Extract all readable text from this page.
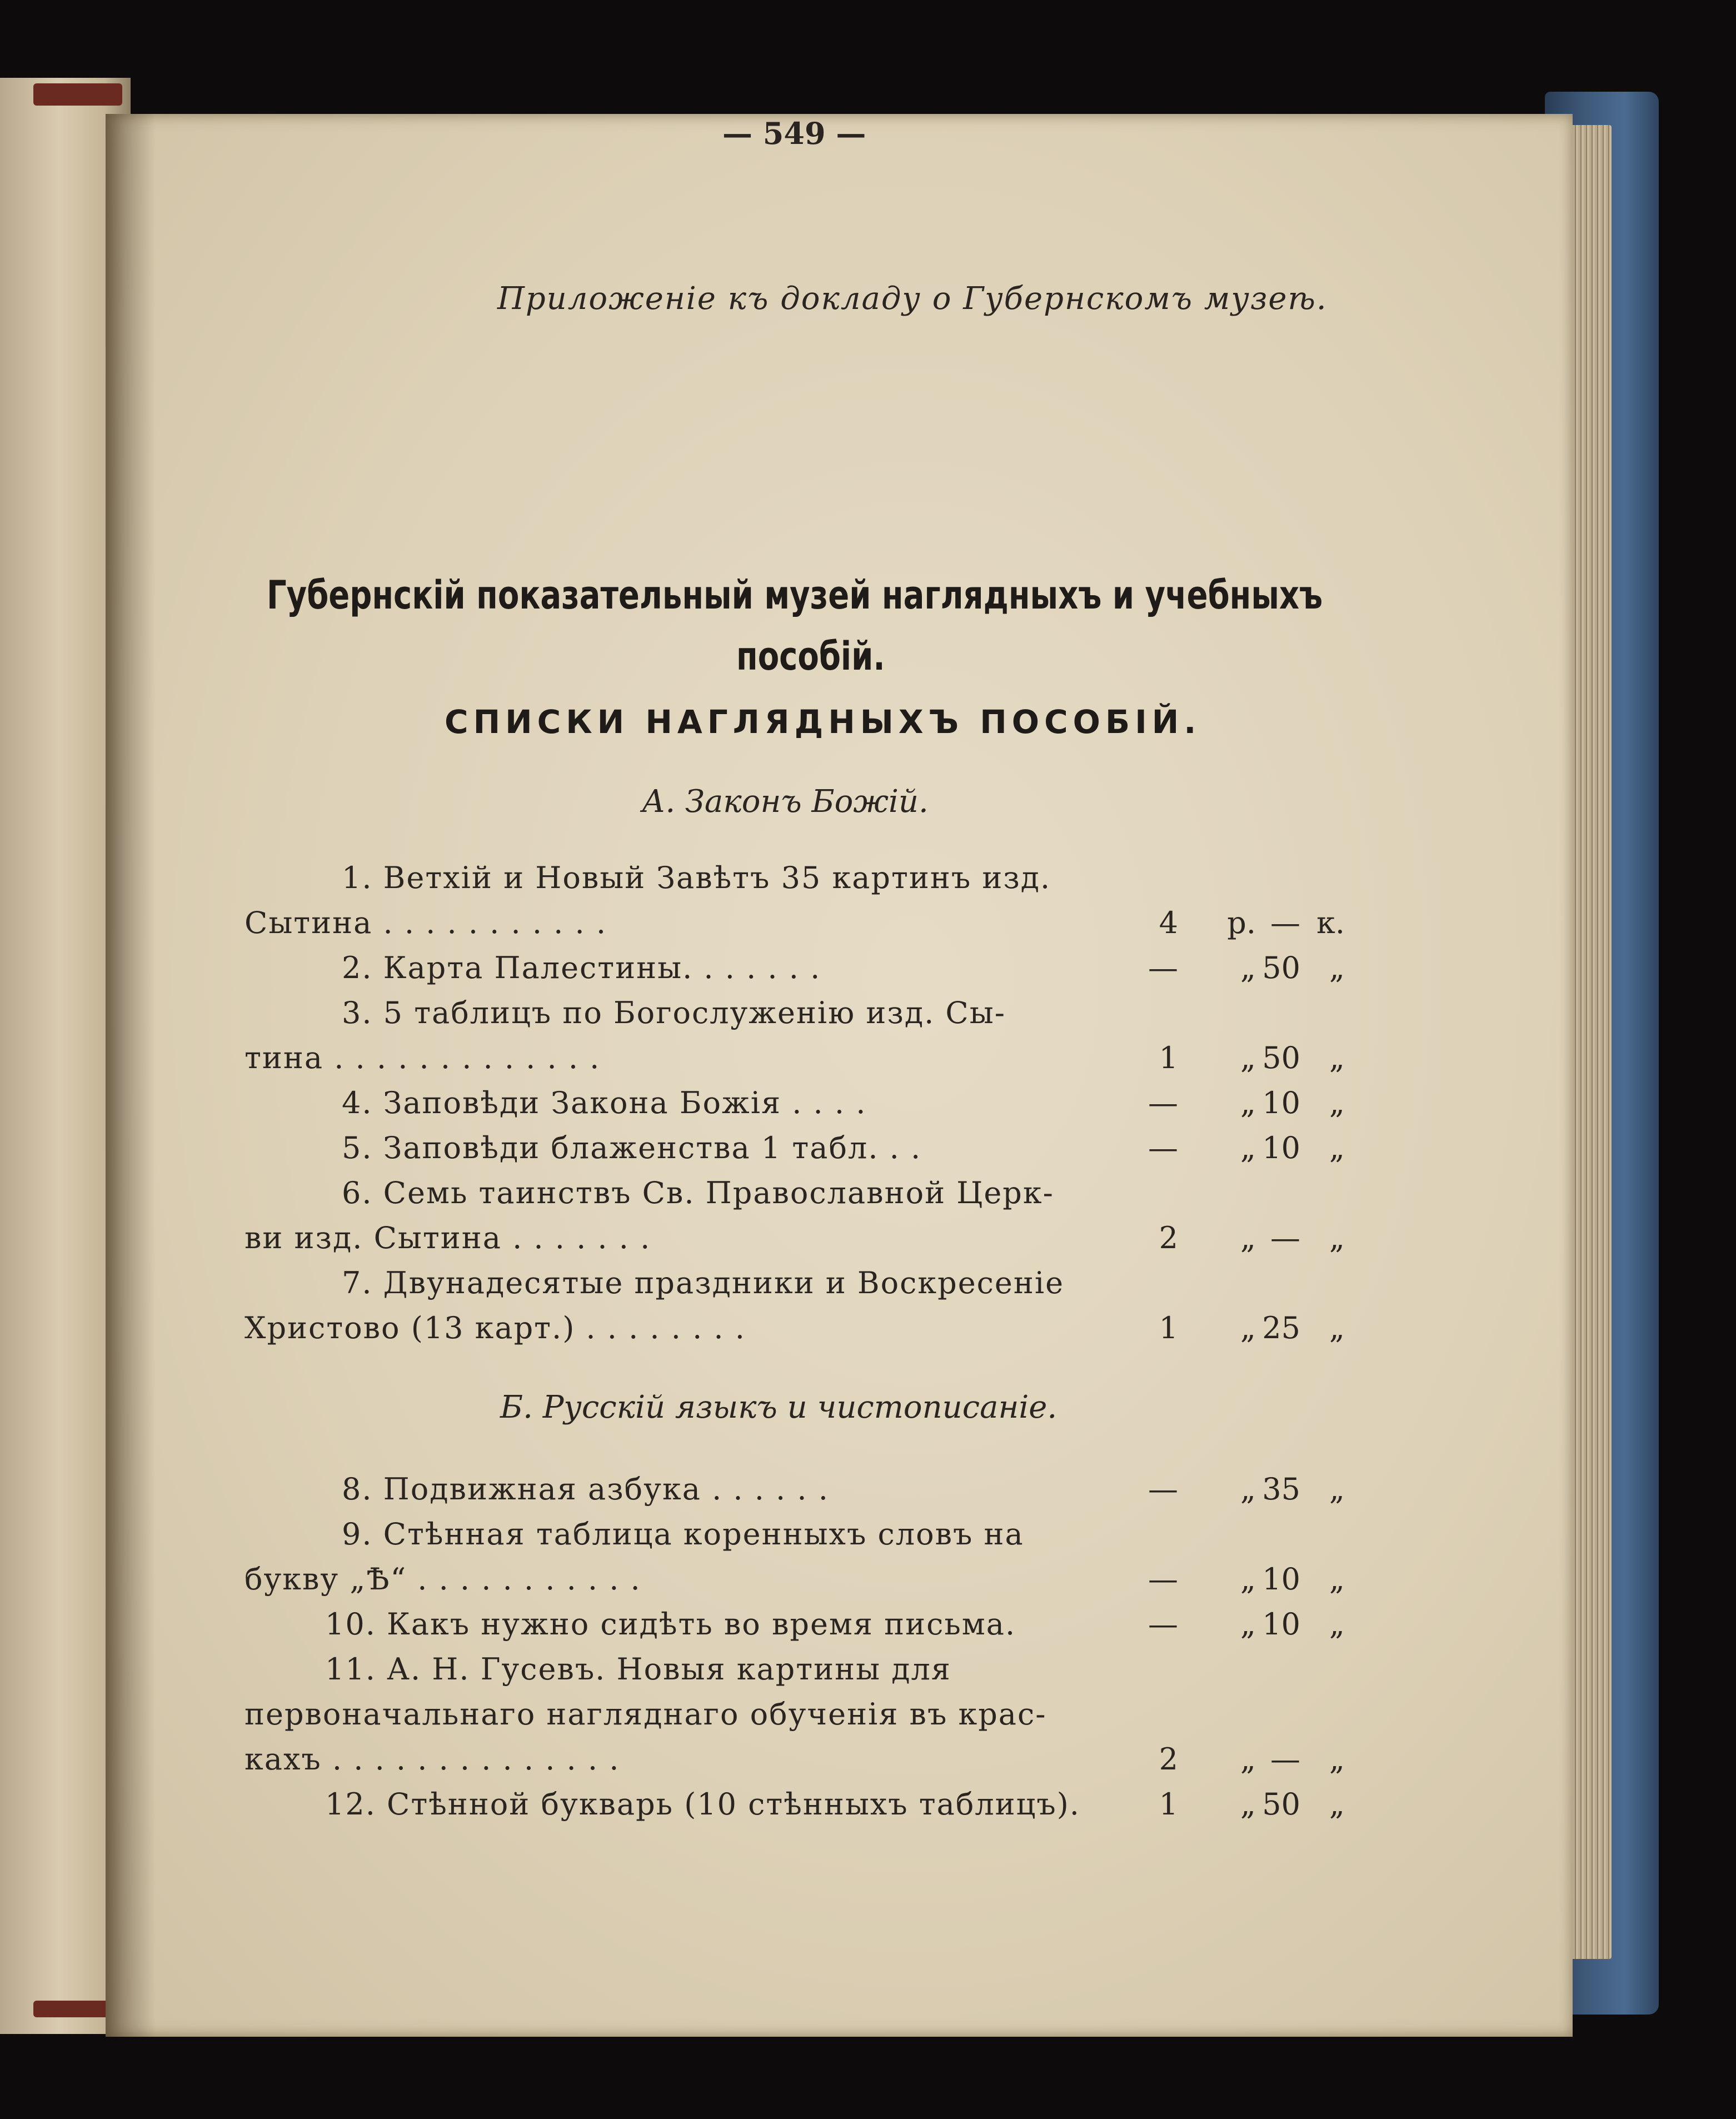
— 549 —

Приложеніе къ докладу о Губернскомъ музеѣ.

Губернскій показательный музей наглядныхъ и учебныхъ

пособій.

СПИСКИ НАГЛЯДНЫХЪ ПОСОБІЙ.

А. Законъ Божій.

1. Ветхій и Новый Завѣтъ 35 картинъ изд.

Сытина . . . . . . . . . . .	4	р. — к.

2. Карта Палестины. . . . . . .	—	„ 50 „

3. 5 таблицъ по Богослуженію изд. Сы-

тина . . . . . . . . . . . . .	1	„ 50 „

4. Заповѣди Закона Божія . . . .	—	„ 10 „

5. Заповѣди блаженства 1 табл. . .	—	„ 10 „

6. Семь таинствъ Св. Православной Церк-

ви изд. Сытина . . . . . . .	2	„ — „

7. Двунадесятые праздники и Воскресеніе

Христово (13 карт.) . . . . . . . .	1	„ 25 „

Б. Русскій языкъ и чистописаніе.

8. Подвижная азбука . . . . . .	—	„ 35 „

9. Стѣнная таблица коренныхъ словъ на

букву „Ѣ“ . . . . . . . . . . .	—	„ 10 „

10. Какъ нужно сидѣть во время письма.	—	„ 10 „

11. А. Н. Гусевъ. Новыя картины для

первоначальнаго нагляднаго обученія въ крас-

кахъ . . . . . . . . . . . . . .	2	„ — „

12. Стѣнной букварь (10 стѣнныхъ таблицъ).	1	„ 50 „
